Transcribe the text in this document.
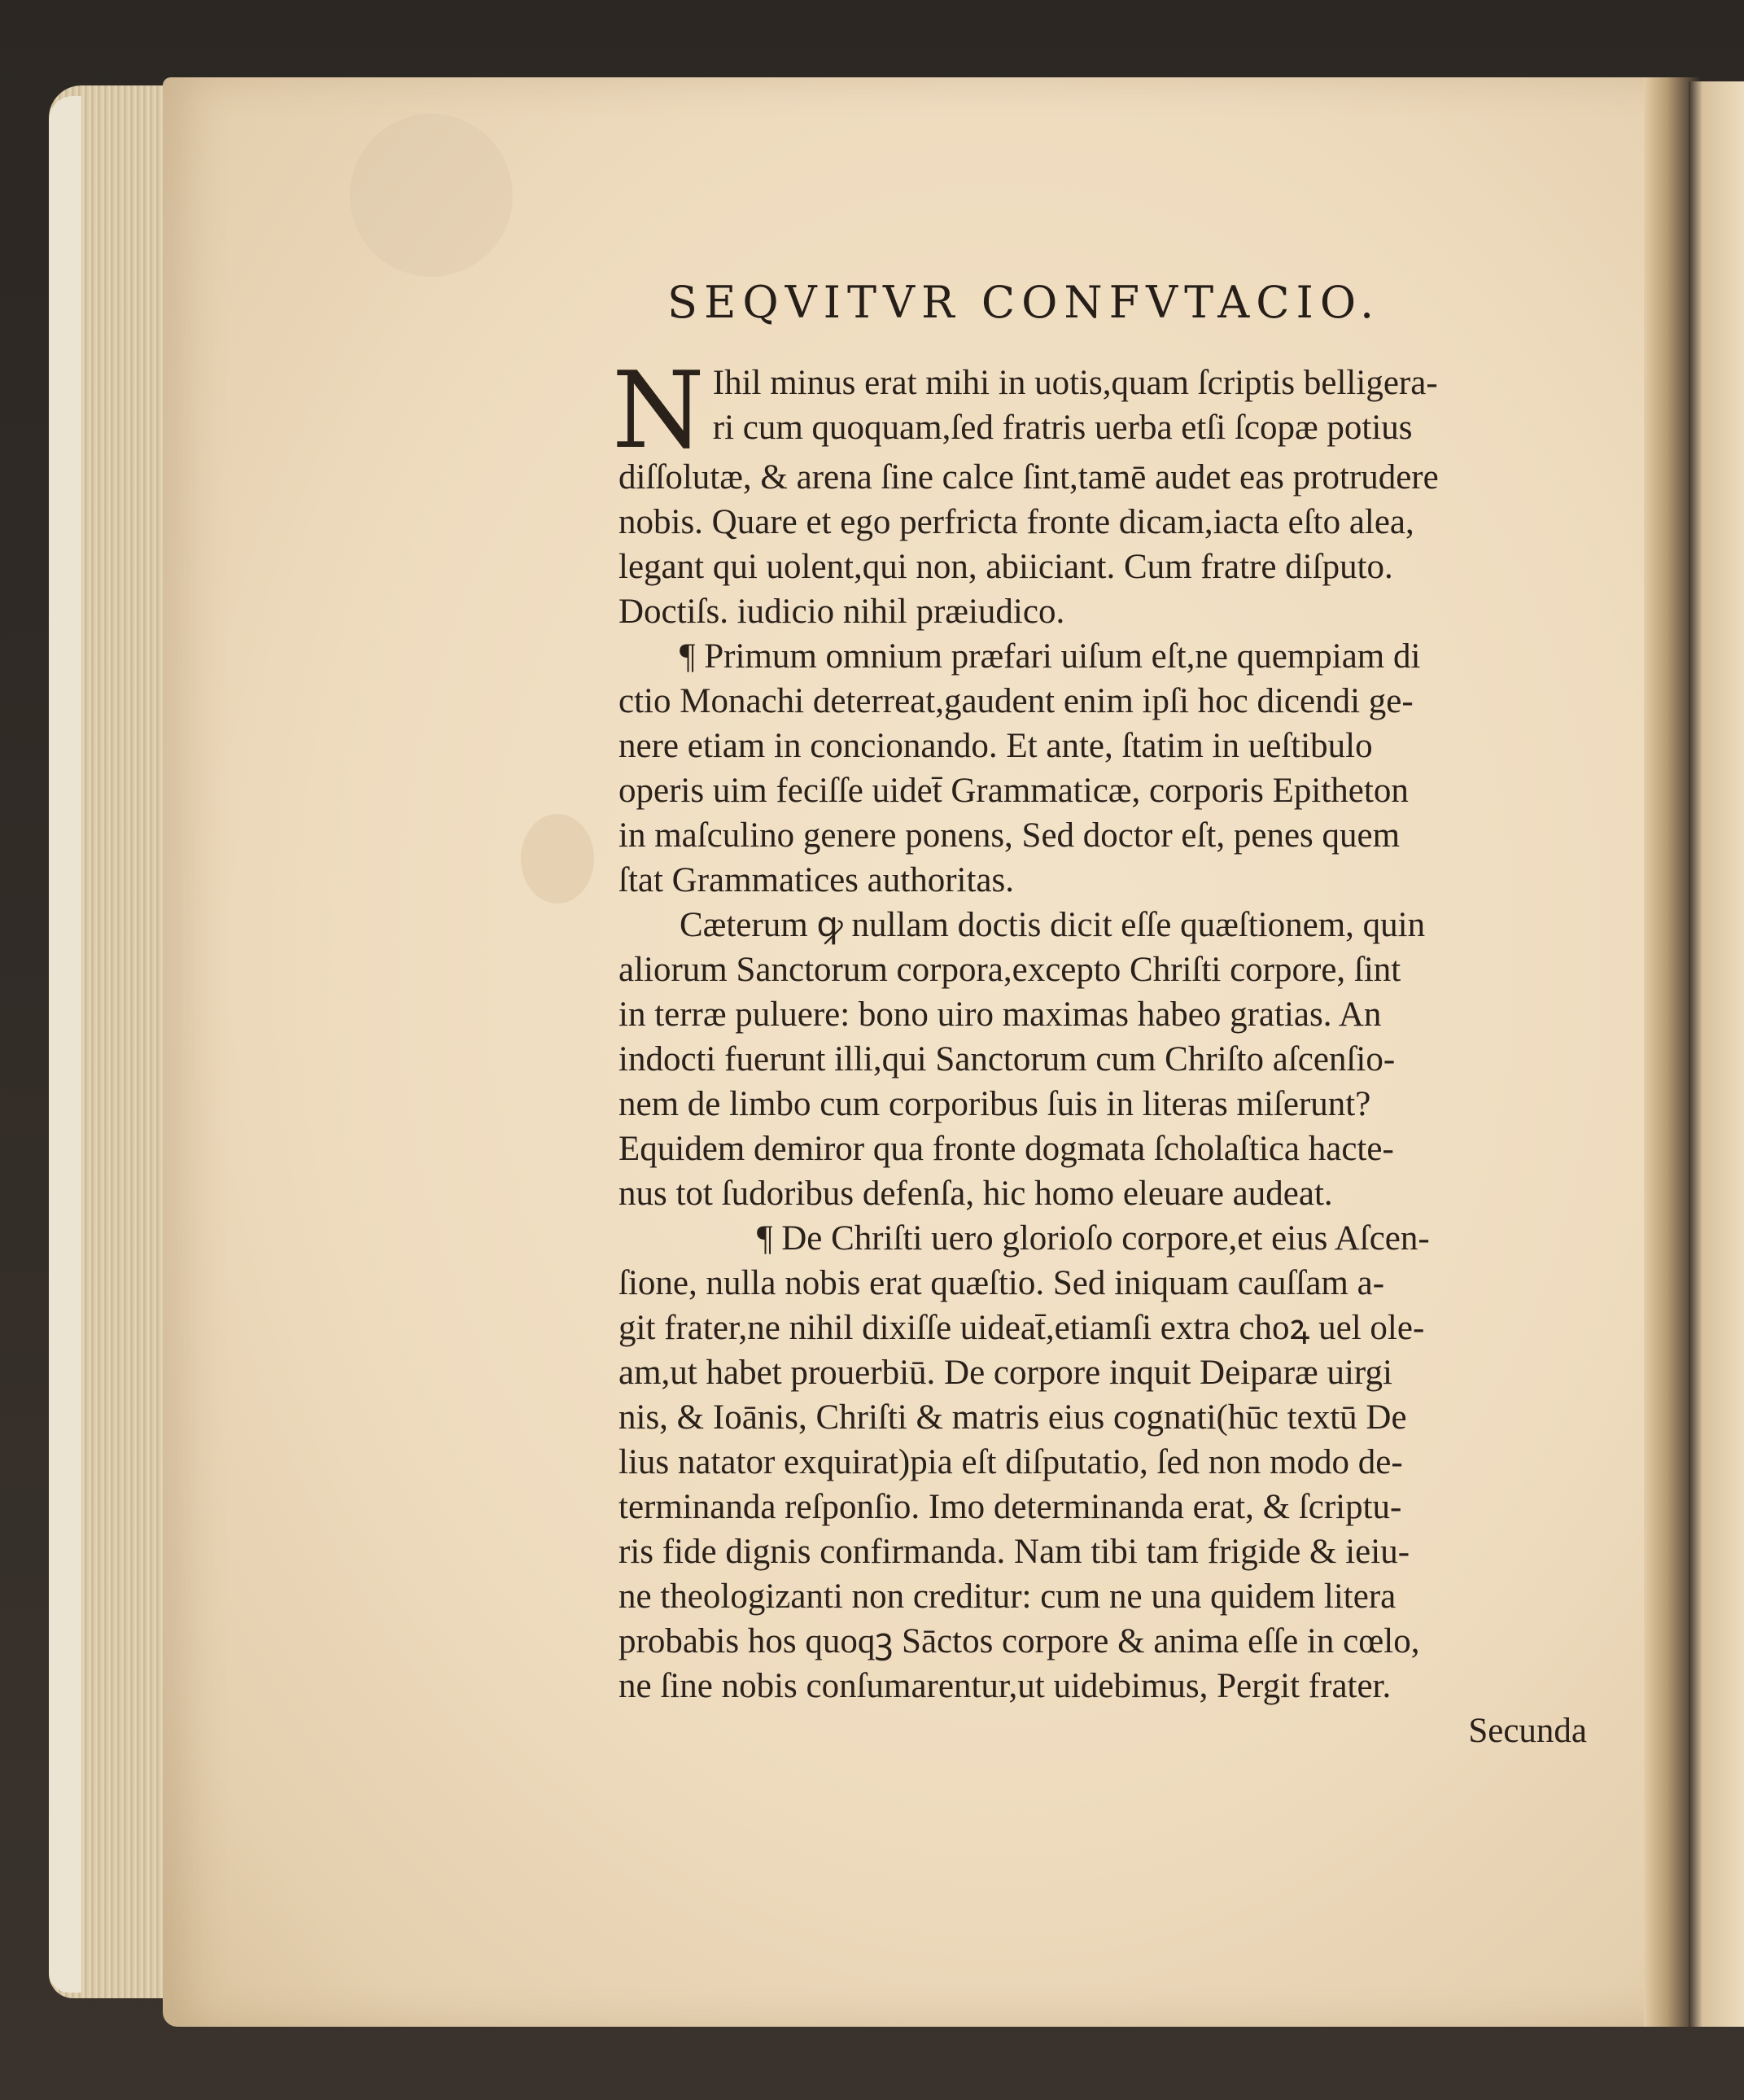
SEQVITVR CONFVTACIO.
N Ihil minus erat mihi in uotis,quam ſcriptis belligera-
ri cum quoquam,ſed fratris uerba etſi ſcopæ potius
diſſolutæ, & arena ſine calce ſint,tamē audet eas protrudere
nobis. Quare et ego perfricta fronte dicam,iacta eſto alea,
legant qui uolent,qui non, abiiciant. Cum fratre diſputo.
Doctiſs. iudicio nihil præiudico.
¶ Primum omnium præfari uiſum eſt,ne quempiam di
ctio Monachi deterreat,gaudent enim ipſi hoc dicendi ge-
nere etiam in concionando. Et ante, ſtatim in ueſtibulo
operis uim feciſſe uidet̄ Grammaticæ, corporis Epitheton
in maſculino genere ponens, Sed doctor eſt, penes quem
ſtat Grammatices authoritas.
Cæterum ꝙ nullam doctis dicit eſſe quæſtionem, quin
aliorum Sanctorum corpora,excepto Chriſti corpore, ſint
in terræ puluere: bono uiro maximas habeo gratias. An
indocti fuerunt illi,qui Sanctorum cum Chriſto aſcenſio-
nem de limbo cum corporibus ſuis in literas miſerunt?
Equidem demiror qua fronte dogmata ſcholaſtica hacte-
nus tot ſudoribus defenſa, hic homo eleuare audeat.
¶ De Chriſti uero glorioſo corpore,et eius Aſcen-
ſione, nulla nobis erat quæſtio. Sed iniquam cauſſam a-
git frater,ne nihil dixiſſe uideat̄,etiamſi extra choꝝ uel ole-
am,ut habet prouerbiū. De corpore inquit Deiparæ uirgi
nis, & Ioānis, Chriſti & matris eius cognati(hūc textū De
lius natator exquirat)pia eſt diſputatio, ſed non modo de-
terminanda reſponſio. Imo determinanda erat, & ſcriptu-
ris fide dignis confirmanda. Nam tibi tam frigide & ieiu-
ne theologizanti non creditur: cum ne una quidem litera
probabis hos quoqꝫ Sāctos corpore & anima eſſe in cœlo,
ne ſine nobis conſumarentur,ut uidebimus, Pergit frater.
Secunda
